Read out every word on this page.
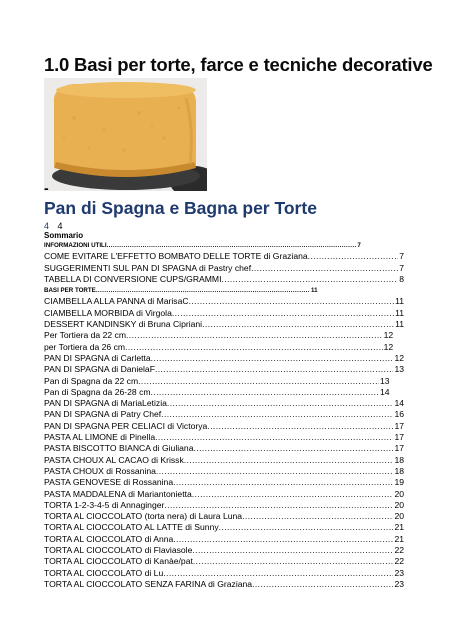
1.0 Basi per torte, farce e tecniche decorative
-
Pan di Spagna e Bagna per Torte
4 4
Sommario
INFORMAZIONI UTILI .....	7
COME EVITARE L'EFFETTO BOMBATO DELLE TORTE di Graziana .....	7
SUGGERIMENTI SUL PAN DI SPAGNA di Pastry chef .....	7
TABELLA DI CONVERSIONE CUPS/GRAMMI .....	8
BASI PER TORTE .....	11
CIAMBELLA ALLA PANNA di MarisaC .....	11
CIAMBELLA MORBIDA di Virgola .....	11
DESSERT KANDINSKY di Bruna Cipriani .....	11
Per Tortiera da 22 cm .....	12
per Tortiera da 26 cm .....	12
PAN DI SPAGNA di Carletta .....	12
PAN DI SPAGNA di DanielaF .....	13
Pan di Spagna da 22 cm .....	13
Pan di Spagna da 26-28 cm .....	14
PAN DI SPAGNA di MariaLetizia .....	14
PAN DI SPAGNA di Patry Chef .....	16
PAN DI SPAGNA PER CELIACI di Victorya .....	17
PASTA AL LIMONE di Pinella .....	17
PASTA BISCOTTO BIANCA di Giuliana .....	17
PASTA CHOUX AL CACAO di Krissk .....	18
PASTA CHOUX di Rossanina .....	18
PASTA GENOVESE di Rossanina .....	19
PASTA MADDALENA di Mariantonietta .....	20
TORTA 1-2-3-4-5 di Annaginger .....	20
TORTA AL CIOCCOLATO (torta nera) di Laura Luna .....	20
TORTA AL CIOCCOLATO AL LATTE di Sunny .....	21
TORTA AL CIOCCOLATO di Anna .....	21
TORTA AL CIOCCOLATO di Flaviasole .....	22
TORTA AL CIOCCOLATO di Kanàe/pat .....	22
TORTA AL CIOCCOLATO di Lu .....	23
TORTA AL CIOCCOLATO SENZA FARINA di Graziana .....	23
